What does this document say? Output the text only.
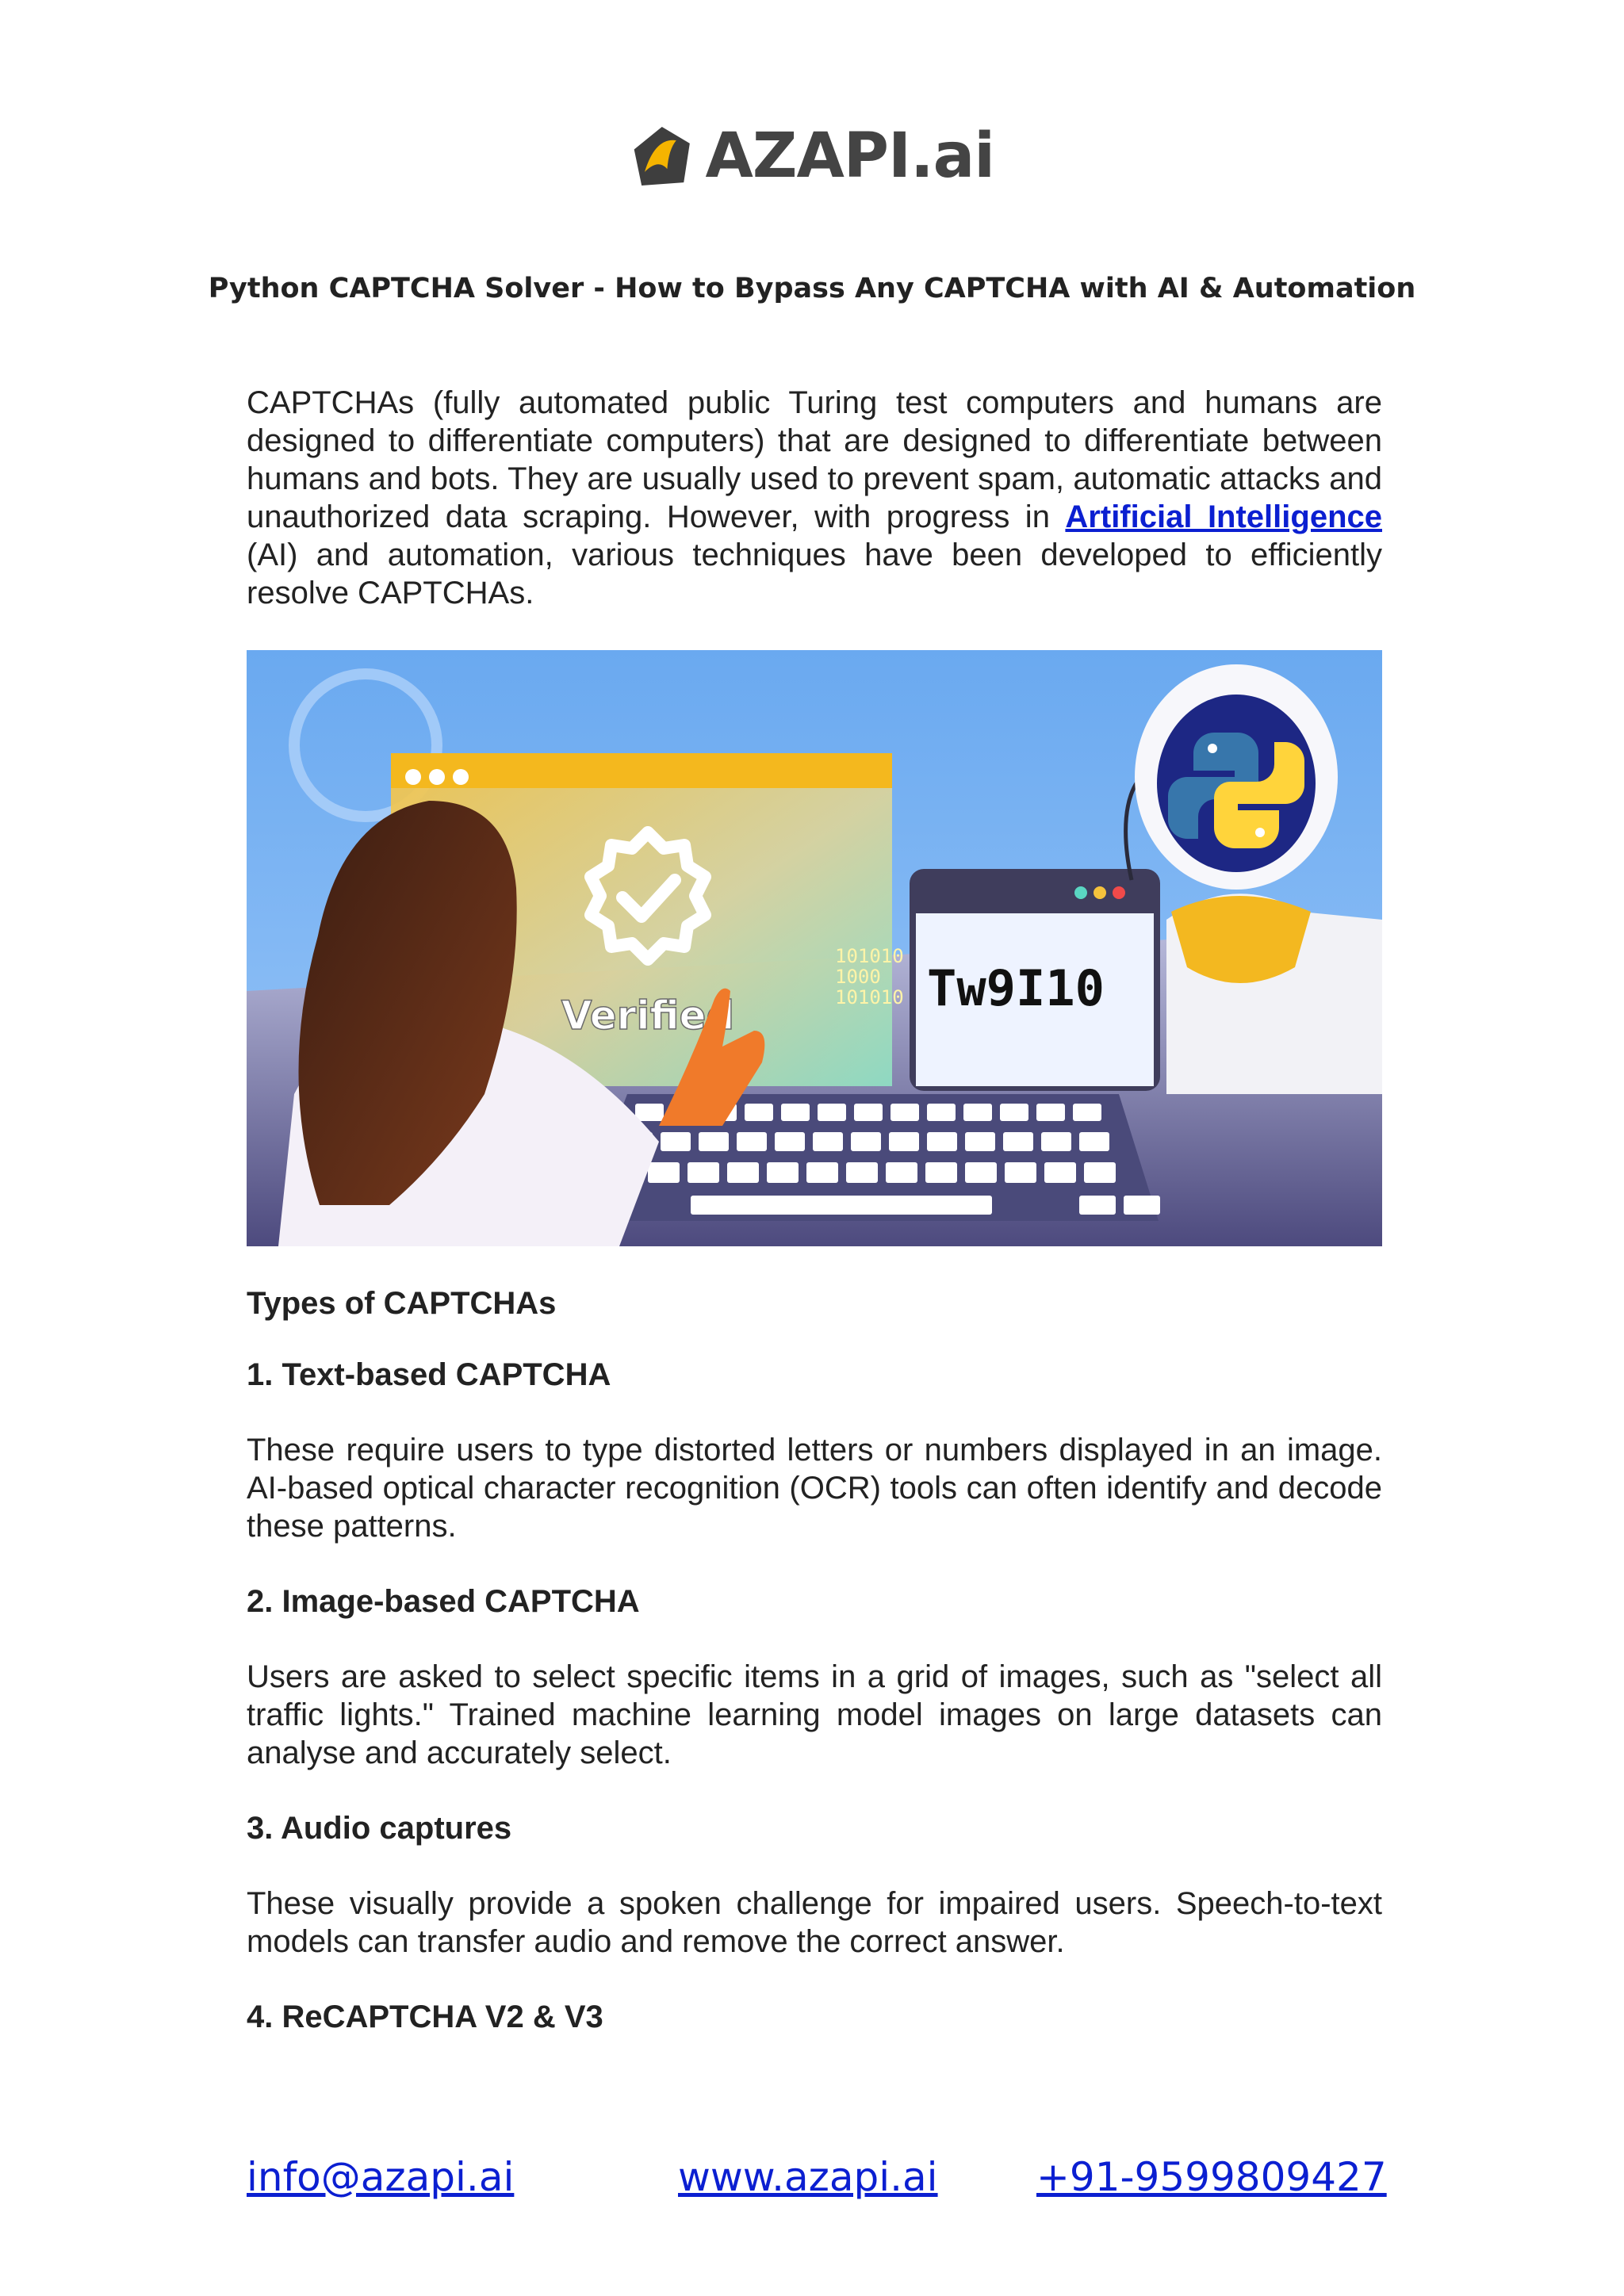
AZAPI.ai
Python CAPTCHA Solver - How to Bypass Any CAPTCHA with AI & Automation

CAPTCHAs (fully automated public Turing test computers and humans are designed to differentiate computers) that are designed to differentiate between humans and bots. They are usually used to prevent spam, automatic attacks and unauthorized data scraping. However, with progress in Artificial Intelligence (AI) and automation, various techniques have been developed to efficiently resolve CAPTCHAs.

Verified
101010
1000
101010 Tw9I10
Types of CAPTCHAs
1. Text-based CAPTCHA

These require users to type distorted letters or numbers displayed in an image. AI-based optical character recognition (OCR) tools can often identify and decode these patterns.

2. Image-based CAPTCHA

Users are asked to select specific items in a grid of images, such as "select all traffic lights." Trained machine learning model images on large datasets can analyse and accurately select.

3. Audio captures

These visually provide a spoken challenge for impaired users. Speech-to-text models can transfer audio and remove the correct answer.

4. ReCAPTCHA V2 & V3
info@azapi.ai	www.azapi.ai +91-9599809427
